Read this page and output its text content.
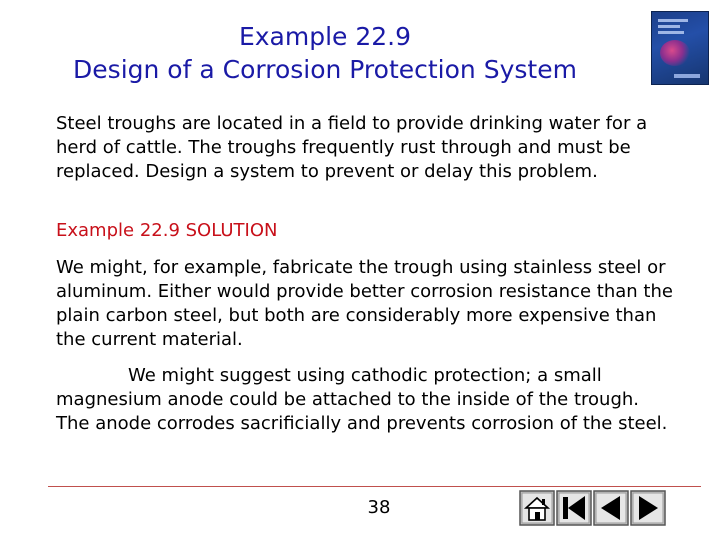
Example 22.9
Design of a Corrosion Protection System

Steel troughs are located in a field to provide drinking water for a herd of cattle. The troughs frequently rust through and must be replaced. Design a system to prevent or delay this problem.

Example 22.9 SOLUTION

We might, for example, fabricate the trough using stainless steel or aluminum. Either would provide better corrosion resistance than the plain carbon steel, but both are considerably more expensive than the current material.

We might suggest using cathodic protection; a small magnesium anode could be attached to the inside of the trough. The anode corrodes sacrificially and prevents corrosion of the steel.

38
